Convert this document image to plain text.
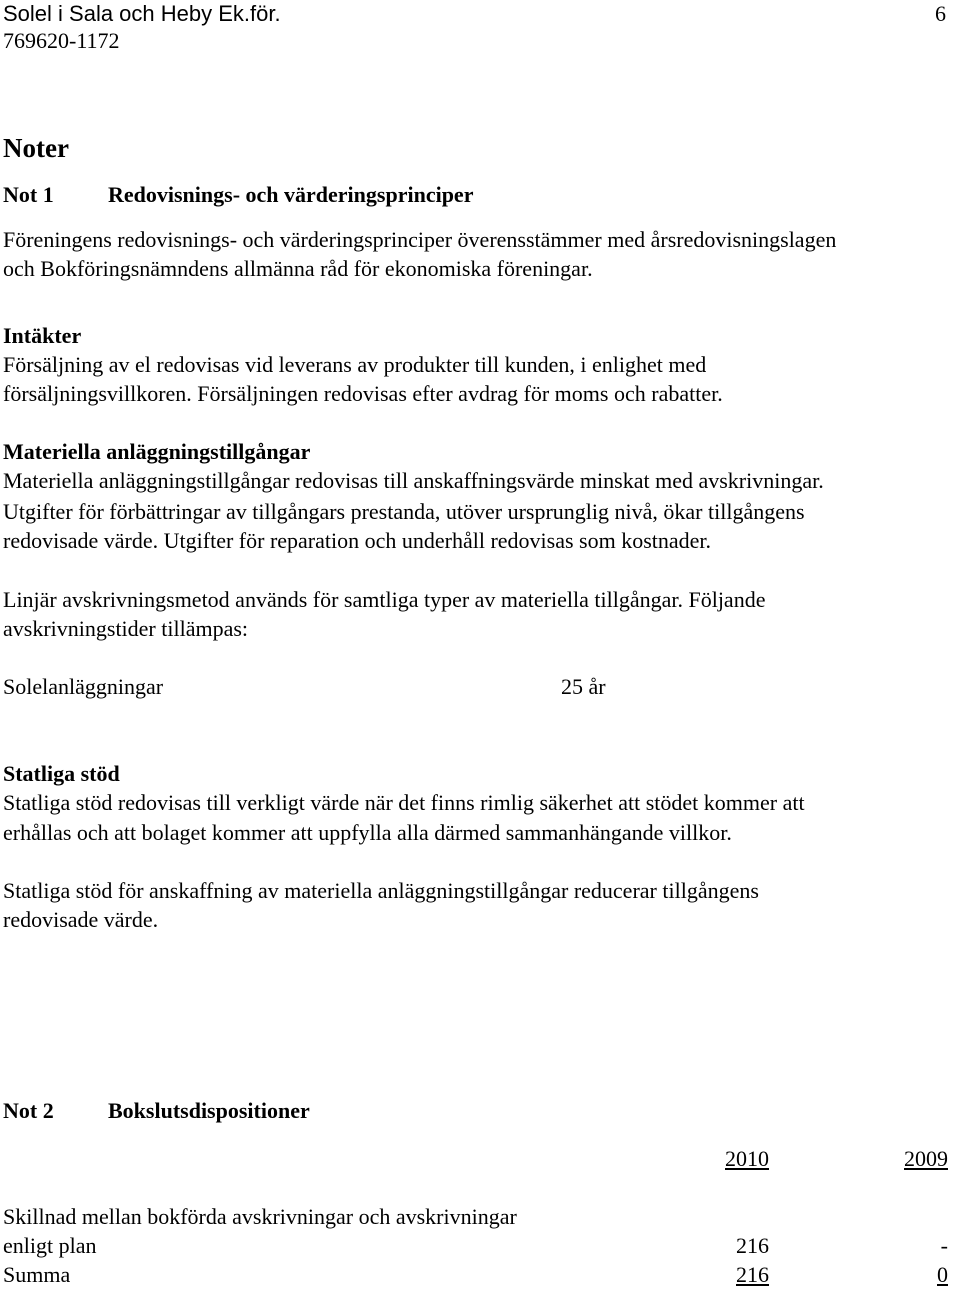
Solel i Sala och Heby Ek.för.	6
769620-1172
Noter
Not 1 Redovisnings- och värderingsprinciper
Föreningens redovisnings- och värderingsprinciper överensstämmer med årsredovisningslagen
och Bokföringsnämndens allmänna råd för ekonomiska föreningar.
Intäkter
Försäljning av el redovisas vid leverans av produkter till kunden, i enlighet med
försäljningsvillkoren. Försäljningen redovisas efter avdrag för moms och rabatter.
Materiella anläggningstillgångar
Materiella anläggningstillgångar redovisas till anskaffningsvärde minskat med avskrivningar.
Utgifter för förbättringar av tillgångars prestanda, utöver ursprunglig nivå, ökar tillgångens
redovisade värde. Utgifter för reparation och underhåll redovisas som kostnader.
Linjär avskrivningsmetod används för samtliga typer av materiella tillgångar. Följande
avskrivningstider tillämpas:
Solelanläggningar	25 år
Statliga stöd
Statliga stöd redovisas till verkligt värde när det finns rimlig säkerhet att stödet kommer att
erhållas och att bolaget kommer att uppfylla alla därmed sammanhängande villkor.
Statliga stöd för anskaffning av materiella anläggningstillgångar reducerar tillgångens
redovisade värde.
Not 2 Bokslutsdispositioner
2010	2009
Skillnad mellan bokförda avskrivningar och avskrivningar
enligt plan	216	-
Summa	216	0
